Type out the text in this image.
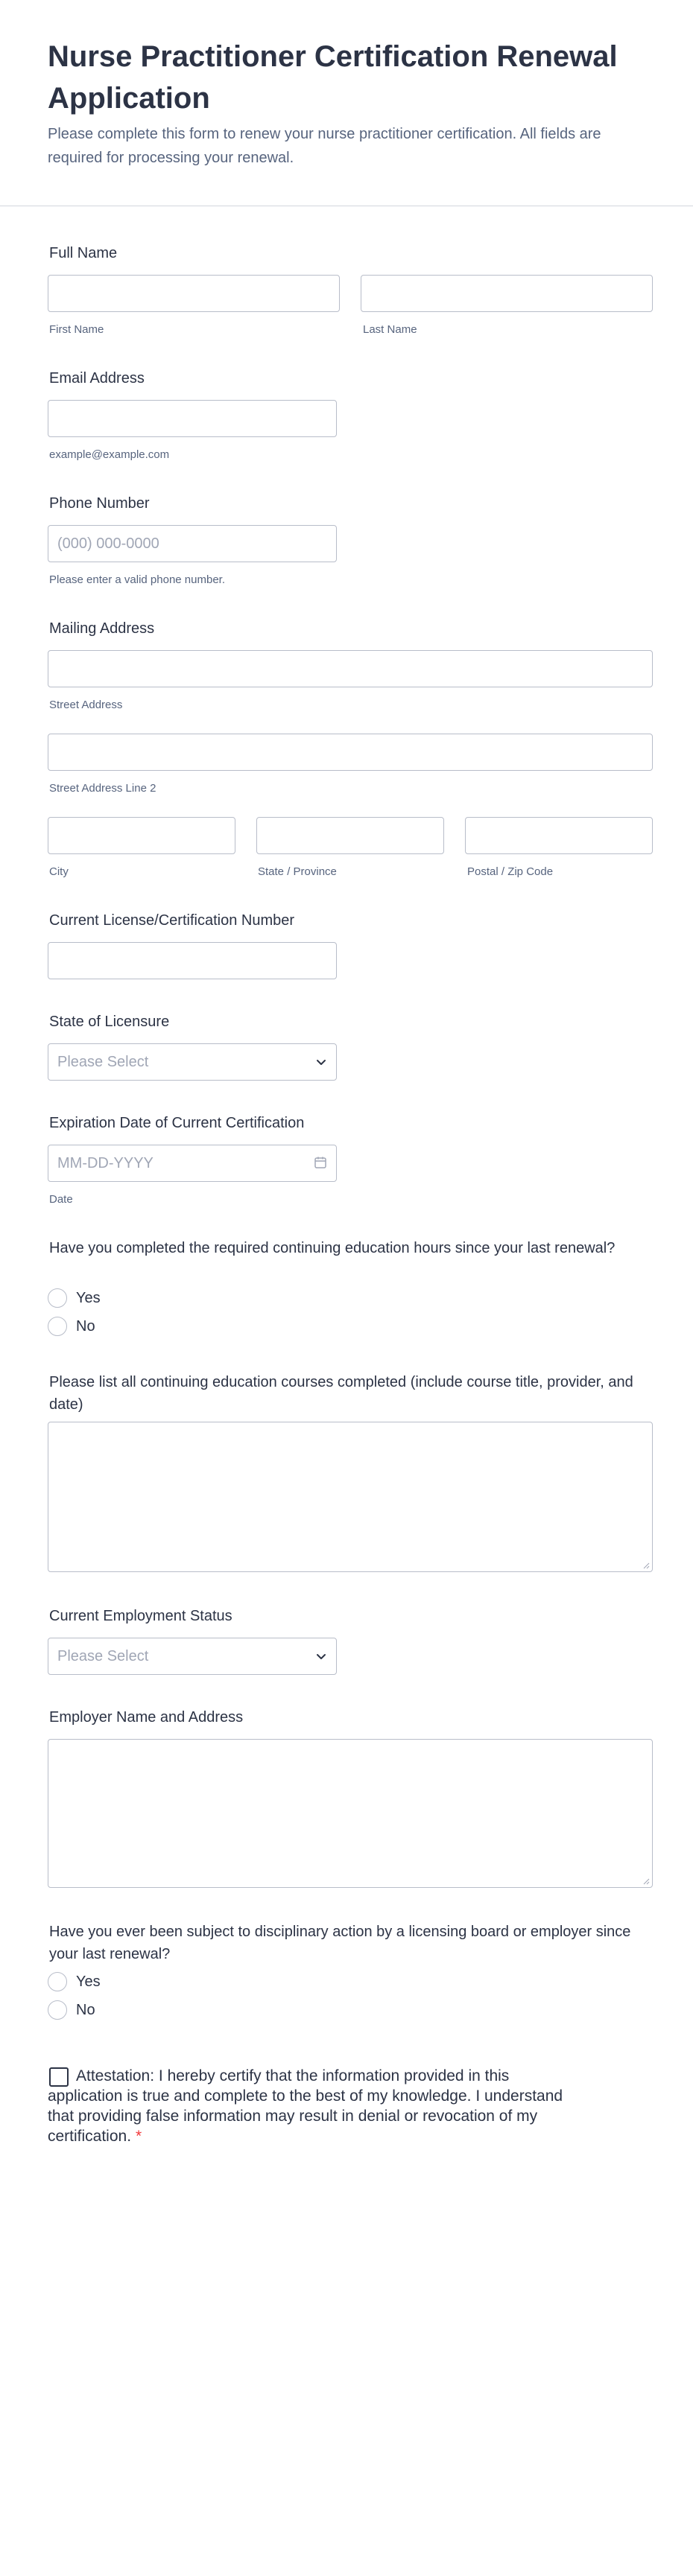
Nurse Practitioner Certification Renewal Application
Please complete this form to renew your nurse practitioner certification. All fields are required for processing your renewal.
Full Name
First Name	Last Name
Email Address
example@example.com
Phone Number
(000) 000-0000
Please enter a valid phone number.
Mailing Address
Street Address
Street Address Line 2
City	State / Province	Postal / Zip Code
Current License/Certification Number
State of Licensure
Please Select
Expiration Date of Current Certification
MM-DD-YYYY
Date
Have you completed the required continuing education hours since your last renewal?
Yes
No
Please list all continuing education courses completed (include course title, provider, and date)
Current Employment Status
Please Select
Employer Name and Address
Have you ever been subject to disciplinary action by a licensing board or employer since your last renewal?
Yes
No
Attestation: I hereby certify that the information provided in this application is true and complete to the best of my knowledge. I understand that providing false information may result in denial or revocation of my certification. *
